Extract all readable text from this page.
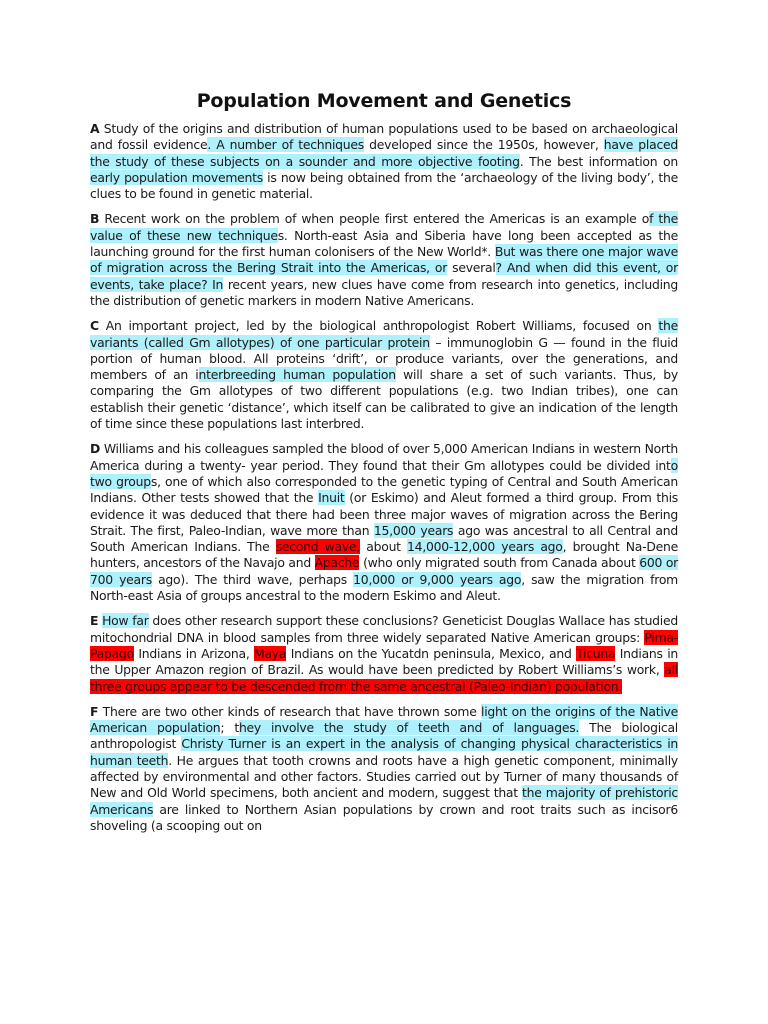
Population Movement and Genetics

A Study of the origins and distribution of human populations used to be based on archaeological and fossil evidence. A number of techniques developed since the 1950s, however, have placed the study of these subjects on a sounder and more objective footing. The best information on early population movements is now being obtained from the ‘archaeology of the living body’, the clues to be found in genetic material.

B Recent work on the problem of when people first entered the Americas is an example of the value of these new techniques. North-east Asia and Siberia have long been accepted as the launching ground for the first human colonisers of the New World*. But was there one major wave of migration across the Bering Strait into the Americas, or several? And when did this event, or events, take place? In recent years, new clues have come from research into genetics, including the distribution of genetic markers in modern Native Americans.

C An important project, led by the biological anthropologist Robert Williams, focused on the variants (called Gm allotypes) of one particular protein – immunoglobin G — found in the fluid portion of human blood. All proteins ‘drift’, or produce variants, over the generations, and members of an interbreeding human population will share a set of such variants. Thus, by comparing the Gm allotypes of two different populations (e.g. two Indian tribes), one can establish their genetic ‘distance’, which itself can be calibrated to give an indication of the length of time since these populations last interbred.

D Williams and his colleagues sampled the blood of over 5,000 American Indians in western North America during a twenty- year period. They found that their Gm allotypes could be divided into two groups, one of which also corresponded to the genetic typing of Central and South American Indians. Other tests showed that the Inuit (or Eskimo) and Aleut formed a third group. From this evidence it was deduced that there had been three major waves of migration across the Bering Strait. The first, Paleo-Indian, wave more than 15,000 years ago was ancestral to all Central and South American Indians. The second wave, about 14,000-12,000 years ago, brought Na-Dene hunters, ancestors of the Navajo and Apache (who only migrated south from Canada about 600 or 700 years ago). The third wave, perhaps 10,000 or 9,000 years ago, saw the migration from North-east Asia of groups ancestral to the modern Eskimo and Aleut.

E How far does other research support these conclusions? Geneticist Douglas Wallace has studied mitochondrial DNA in blood samples from three widely separated Native American groups: Pima- Papago Indians in Arizona, Maya Indians on the Yucatdn peninsula, Mexico, and Ticuna Indians in the Upper Amazon region of Brazil. As would have been predicted by Robert Williams’s work, all three groups appear to be descended from the same ancestral (Paleo-Indian) population.

F There are two other kinds of research that have thrown some light on the origins of the Native American population; they involve the study of teeth and of languages. The biological anthropologist Christy Turner is an expert in the analysis of changing physical characteristics in human teeth. He argues that tooth crowns and roots have a high genetic component, minimally affected by environmental and other factors. Studies carried out by Turner of many thousands of New and Old World specimens, both ancient and modern, suggest that the majority of prehistoric Americans are linked to Northern Asian populations by crown and root traits such as incisor6 shoveling (a scooping out on
